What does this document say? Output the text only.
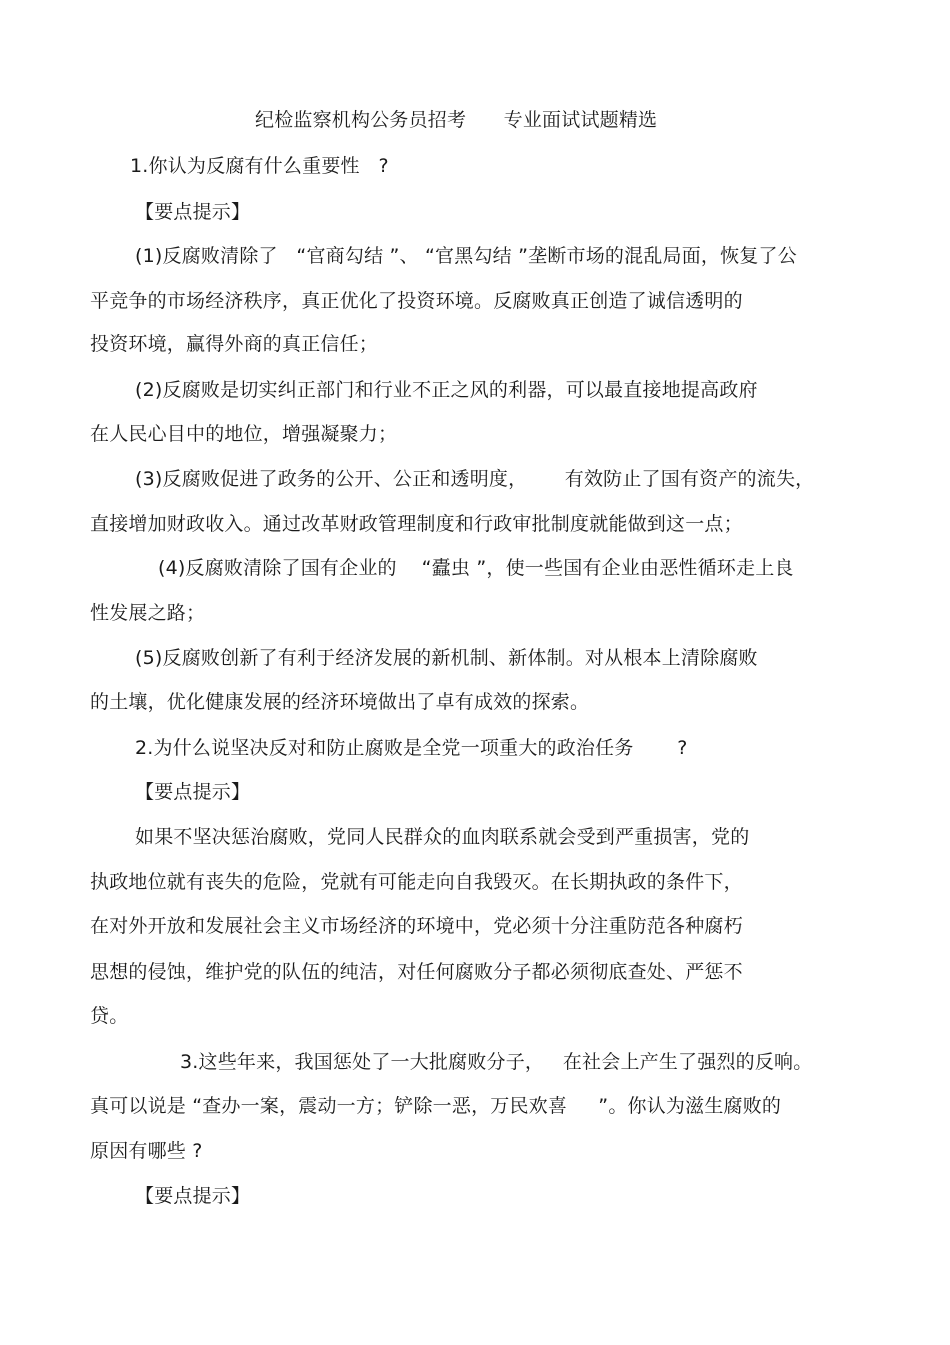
纪检监察机构公务员招考      专业面试试题精选
1.你认为反腐有什么重要性   ?
【要点提示】
(1)反腐败清除了   “官商勾结 ”、 “官黑勾结 ”垄断市场的混乱局面，恢复了公
平竞争的市场经济秩序，真正优化了投资环境。反腐败真正创造了诚信透明的
投资环境，赢得外商的真正信任；
(2)反腐败是切实纠正部门和行业不正之风的利器，可以最直接地提高政府
在人民心目中的地位，增强凝聚力；
(3)反腐败促进了政务的公开、公正和透明度，      有效防止了国有资产的流失，
直接增加财政收入。通过改革财政管理制度和行政审批制度就能做到这一点；
(4)反腐败清除了国有企业的    “蠹虫 ”，使一些国有企业由恶性循环走上良
性发展之路；
(5)反腐败创新了有利于经济发展的新机制、新体制。对从根本上清除腐败
的土壤，优化健康发展的经济环境做出了卓有成效的探索。
2.为什么说坚决反对和防止腐败是全党一项重大的政治任务       ?
【要点提示】
如果不坚决惩治腐败，党同人民群众的血肉联系就会受到严重损害，党的
执政地位就有丧失的危险，党就有可能走向自我毁灭。在长期执政的条件下，
在对外开放和发展社会主义市场经济的环境中，党必须十分注重防范各种腐朽
思想的侵蚀，维护党的队伍的纯洁，对任何腐败分子都必须彻底查处、严惩不
贷。
3.这些年来，我国惩处了一大批腐败分子，   在社会上产生了强烈的反响。
真可以说是 “查办一案，震动一方；铲除一恶，万民欢喜     ”。你认为滋生腐败的
原因有哪些 ?
【要点提示】
